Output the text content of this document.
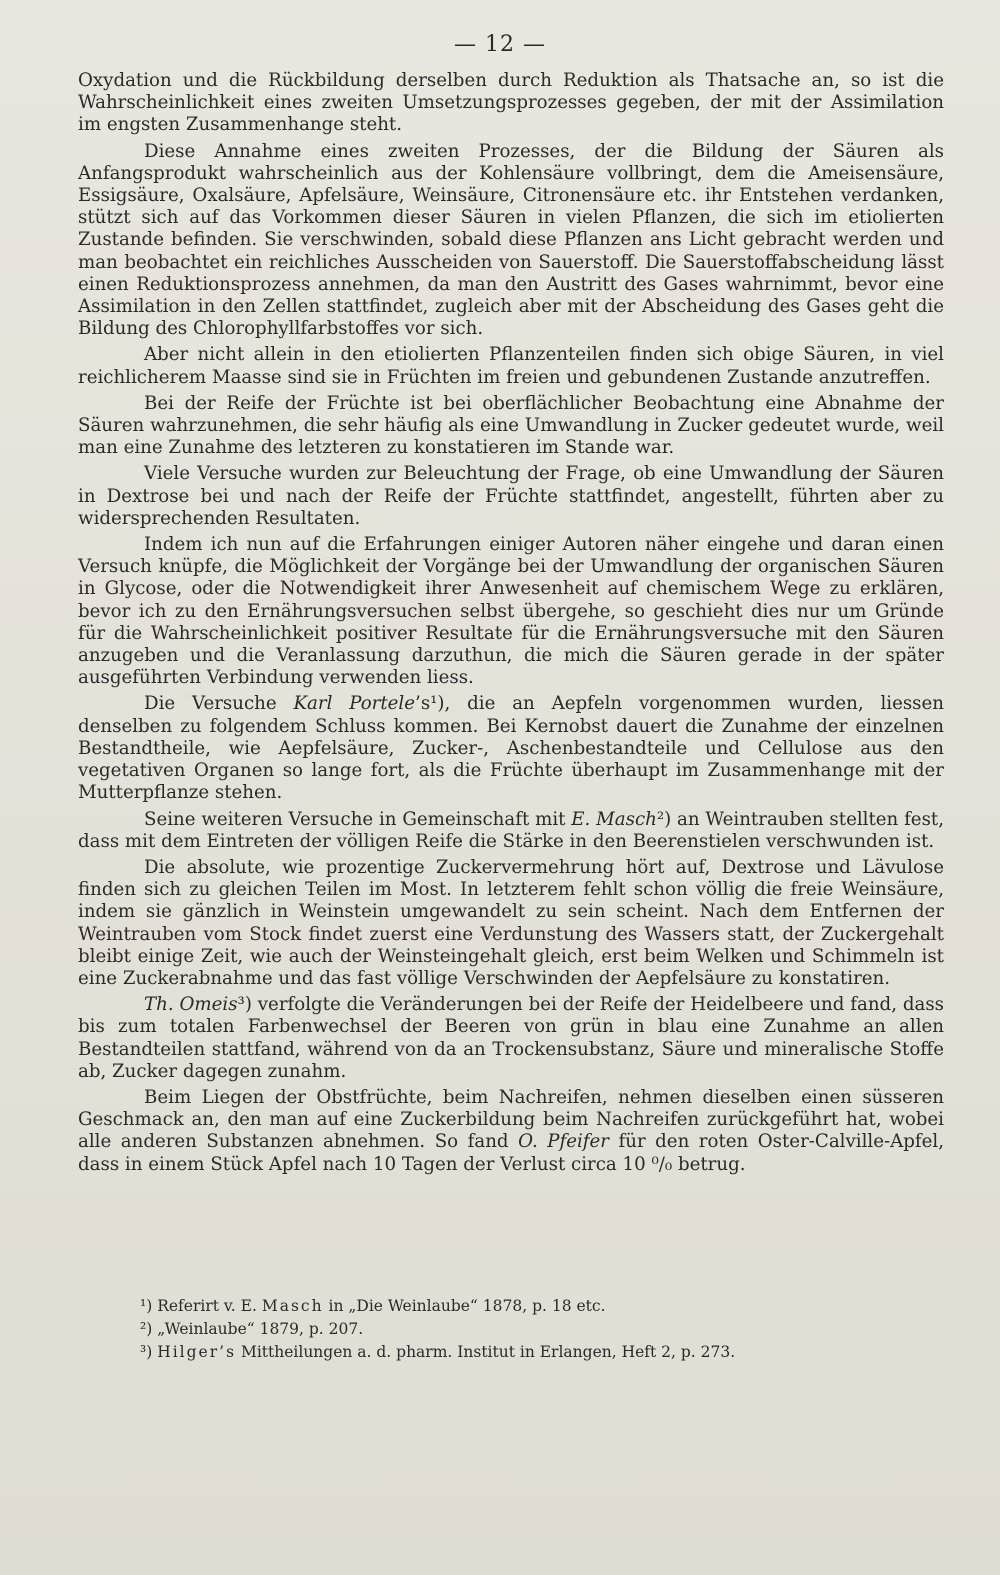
— 12 —

Oxydation und die Rückbildung derselben durch Reduktion als Thatsache an, so ist die Wahrscheinlichkeit eines zweiten Umsetzungsprozesses gegeben, der mit der Assimilation im engsten Zusammenhange steht.

Diese Annahme eines zweiten Prozesses, der die Bildung der Säuren als Anfangsprodukt wahrscheinlich aus der Kohlensäure vollbringt, dem die Ameisensäure, Essigsäure, Oxalsäure, Apfelsäure, Weinsäure, Citronensäure etc. ihr Entstehen verdanken, stützt sich auf das Vorkommen dieser Säuren in vielen Pflanzen, die sich im etiolierten Zustande befinden. Sie verschwinden, sobald diese Pflanzen ans Licht gebracht werden und man beobachtet ein reichliches Ausscheiden von Sauerstoff. Die Sauerstoffabscheidung lässt einen Reduktionsprozess annehmen, da man den Austritt des Gases wahrnimmt, bevor eine Assimilation in den Zellen stattfindet, zugleich aber mit der Abscheidung des Gases geht die Bildung des Chlorophyllfarbstoffes vor sich.

Aber nicht allein in den etiolierten Pflanzenteilen finden sich obige Säuren, in viel reichlicherem Maasse sind sie in Früchten im freien und gebundenen Zustande anzutreffen.

Bei der Reife der Früchte ist bei oberflächlicher Beobachtung eine Abnahme der Säuren wahrzunehmen, die sehr häufig als eine Umwandlung in Zucker gedeutet wurde, weil man eine Zunahme des letzteren zu konstatieren im Stande war.

Viele Versuche wurden zur Beleuchtung der Frage, ob eine Umwandlung der Säuren in Dextrose bei und nach der Reife der Früchte stattfindet, angestellt, führten aber zu widersprechenden Resultaten.

Indem ich nun auf die Erfahrungen einiger Autoren näher eingehe und daran einen Versuch knüpfe, die Möglichkeit der Vorgänge bei der Umwandlung der organischen Säuren in Glycose, oder die Notwendigkeit ihrer Anwesenheit auf chemischem Wege zu erklären, bevor ich zu den Ernährungsversuchen selbst übergehe, so geschieht dies nur um Gründe für die Wahrscheinlichkeit positiver Resultate für die Ernährungsversuche mit den Säuren anzugeben und die Veranlassung darzuthun, die mich die Säuren gerade in der später ausgeführten Verbindung verwenden liess.

Die Versuche Karl Portele’s¹), die an Aepfeln vorgenommen wurden, liessen denselben zu folgendem Schluss kommen. Bei Kernobst dauert die Zunahme der einzelnen Bestandtheile, wie Aepfelsäure, Zucker-, Aschenbestandteile und Cellulose aus den vegetativen Organen so lange fort, als die Früchte überhaupt im Zusammenhange mit der Mutterpflanze stehen.

Seine weiteren Versuche in Gemeinschaft mit E. Masch²) an Weintrauben stellten fest, dass mit dem Eintreten der völligen Reife die Stärke in den Beerenstielen verschwunden ist.

Die absolute, wie prozentige Zuckervermehrung hört auf, Dextrose und Lävulose finden sich zu gleichen Teilen im Most. In letzterem fehlt schon völlig die freie Weinsäure, indem sie gänzlich in Weinstein umgewandelt zu sein scheint. Nach dem Entfernen der Weintrauben vom Stock findet zuerst eine Verdunstung des Wassers statt, der Zuckergehalt bleibt einige Zeit, wie auch der Weinsteingehalt gleich, erst beim Welken und Schimmeln ist eine Zuckerabnahme und das fast völlige Verschwinden der Aepfelsäure zu konstatiren.

Th. Omeis³) verfolgte die Veränderungen bei der Reife der Heidelbeere und fand, dass bis zum totalen Farbenwechsel der Beeren von grün in blau eine Zunahme an allen Bestandteilen stattfand, während von da an Trockensubstanz, Säure und mineralische Stoffe ab, Zucker dagegen zunahm.

Beim Liegen der Obstfrüchte, beim Nachreifen, nehmen dieselben einen süsseren Geschmack an, den man auf eine Zuckerbildung beim Nachreifen zurückgeführt hat, wobei alle anderen Substanzen abnehmen. So fand O. Pfeifer für den roten Oster-Calville-Apfel, dass in einem Stück Apfel nach 10 Tagen der Verlust circa 10 ⁰/₀ betrug.

¹) Referirt v. E. Masch in „Die Weinlaube“ 1878, p. 18 etc.
²) „Weinlaube“ 1879, p. 207.
³) Hilger’s Mittheilungen a. d. pharm. Institut in Erlangen, Heft 2, p. 273.
